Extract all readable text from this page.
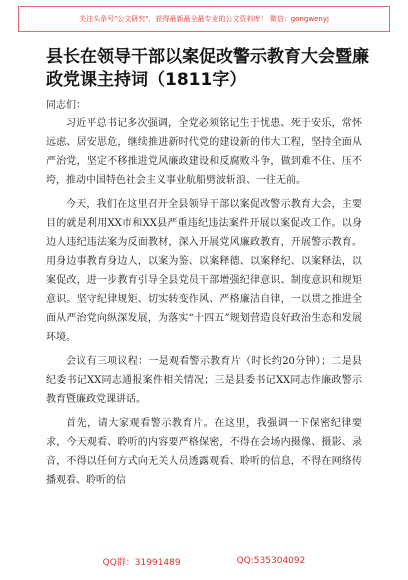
关注头条号"公文研究"，获得最新最全最专业的公文资料库！ 微信：gongwenyj
县长在领导干部以案促改警示教育大会暨廉政党课主持词（1811字）
同志们：

习近平总书记多次强调，全党必须铭记生于忧患、死于安乐，常怀远虑、居安思危，继续推进新时代党的建设新的伟大工程，坚持全面从严治党，坚定不移推进党风廉政建设和反腐败斗争，做到难不住、压不垮，推动中国特色社会主义事业航船劈波斩浪、一往无前。

今天，我们在这里召开全县领导干部以案促改警示教育大会，主要目的就是利用XX市和XX县严重违纪违法案件开展以案促改工作。以身边人违纪违法案为反面教材，深入开展党风廉政教育，开展警示教育。用身边事教育身边人，以案为鉴、以案释德、以案释纪、以案释法，以案促改，进一步教育引导全县党员干部增强纪律意识、制度意识和规矩意识。坚守纪律规矩、切实转变作风、严格廉洁自律，一以贯之推进全面从严治党向纵深发展，为落实“十四五”规划营造良好政治生态和发展环境。

会议有三项议程：一是观看警示教育片（时长约20分钟）；二是县纪委书记XX同志通报案件相关情况；三是县委书记XX同志作廉政警示教育暨廉政党课讲话。

首先，请大家观看警示教育片。在这里，我强调一下保密纪律要求，今天观看、聆听的内容要严格保密，不得在会场内摄像、摄影、录音，不得以任何方式向无关人员透露观看、聆听的信息，不得在网络传播观看、聆听的信

QQ群：31991489	QQ:535304092
